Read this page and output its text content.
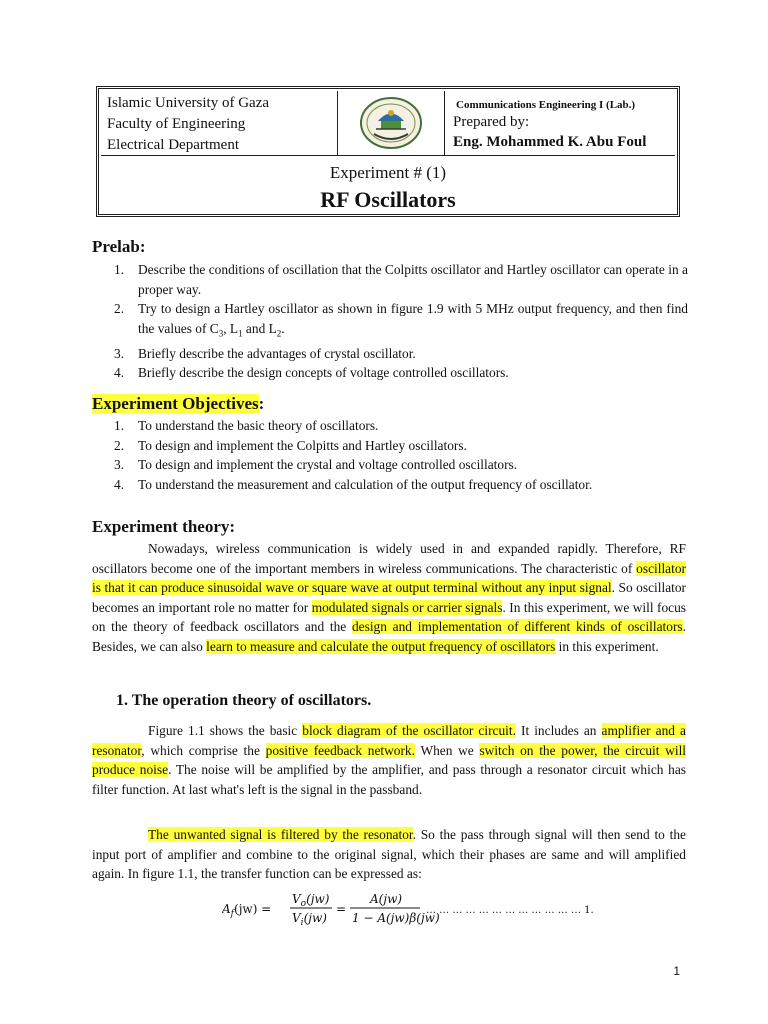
Islamic University of Gaza
Faculty of Engineering
Electrical Department
Communications Engineering I (Lab.)
Prepared by:
Eng. Mohammed K. Abu Foul
Experiment # (1)
RF Oscillators
Prelab:
1. Describe the conditions of oscillation that the Colpitts oscillator and Hartley oscillator can operate in a proper way.
2. Try to design a Hartley oscillator as shown in figure 1.9 with 5 MHz output frequency, and then find the values of $C_3$, $L_1$ and $L_2$.
3. Briefly describe the advantages of crystal oscillator.
4. Briefly describe the design concepts of voltage controlled oscillators.
Experiment Objectives:
1. To understand the basic theory of oscillators.
2. To design and implement the Colpitts and Hartley oscillators.
3. To design and implement the crystal and voltage controlled oscillators.
4. To understand the measurement and calculation of the output frequency of oscillator.
Experiment theory:

Nowadays, wireless communication is widely used in and expanded rapidly. Therefore, RF oscillators become one of the important members in wireless communications. The characteristic of oscillator is that it can produce sinusoidal wave or square wave at output terminal without any input signal. So oscillator becomes an important role no matter for modulated signals or carrier signals. In this experiment, we will focus on the theory of feedback oscillators and the design and implementation of different kinds of oscillators. Besides, we can also learn to measure and calculate the output frequency of oscillators in this experiment.

1. The operation theory of oscillators.

Figure 1.1 shows the basic block diagram of the oscillator circuit. It includes an amplifier and a resonator, which comprise the positive feedback network. When we switch on the power, the circuit will produce noise. The noise will be amplified by the amplifier, and pass through a resonator circuit which has filter function. At last what's left is the signal in the passband.

The unwanted signal is filtered by the resonator. So the pass through signal will then send to the input port of amplifier and combine to the original signal, which their phases are same and will amplified again. In figure 1.1, the transfer function can be expressed as:

$A_f(jw)$ =
$V_o(jw)$
$V_i(jw)$
=
A(jw)
1 − A(jw)β(jw)
… … … … … … … … … … … … 1.1
1
